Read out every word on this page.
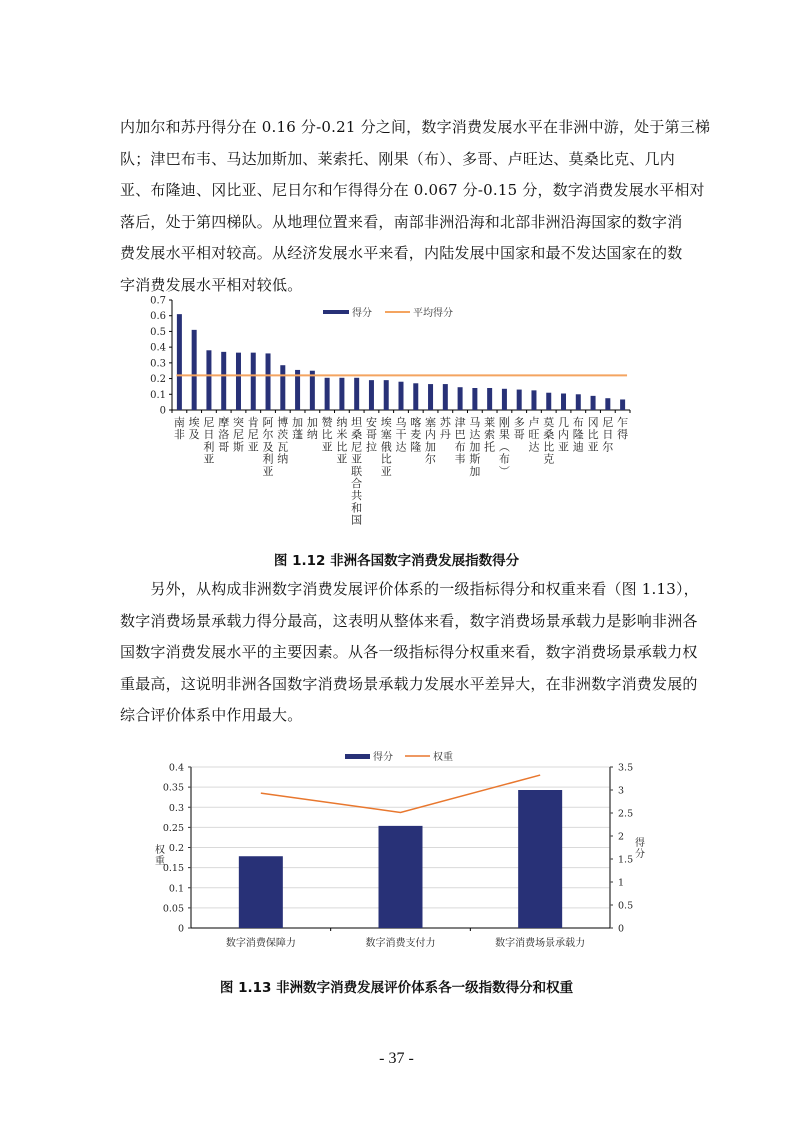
内加尔和苏丹得分在 0.16 分-0.21 分之间，数字消费发展水平在非洲中游，处于第三梯
队；津巴布韦、马达加斯加、莱索托、刚果（布）、多哥、卢旺达、莫桑比克、几内
亚、布隆迪、冈比亚、尼日尔和乍得得分在 0.067 分-0.15 分，数字消费发展水平相对
落后，处于第四梯队。从地理位置来看，南部非洲沿海和北部非洲沿海国家的数字消
费发展水平相对较高。从经济发展水平来看，内陆发展中国家和最不发达国家在的数
字消费发展水平相对较低。
0
0.1
0.2
0.3
0.4
0.5
0.6
0.7
南
非
埃
及
尼
日
利
亚
摩
洛
哥
突
尼
斯
肯
尼
亚
阿
尔
及
利
亚
博
茨
瓦
纳
加
蓬
加
纳
赞
比
亚
纳
米
比
亚
坦
桑
尼
亚
联
合
共
和
国
安
哥
拉
埃
塞
俄
比
亚
乌
干
达
喀
麦
隆
塞
内
加
尔
苏
丹
津
巴
布
韦
马
达
加
斯
加
莱
索
托
刚
果
︵
布
︶
多
哥
卢
旺
达
莫
桑
比
克
几
内
亚
布
隆
迪
冈
比
亚
尼
日
尔
乍
得
得分	平均得分
图 1.12 非洲各国数字消费发展指数得分
　　另外，从构成非洲数字消费发展评价体系的一级指标得分和权重来看（图 1.13），
数字消费场景承载力得分最高，这表明从整体来看，数字消费场景承载力是影响非洲各
国数字消费发展水平的主要因素。从各一级指标得分权重来看，数字消费场景承载力权
重最高，这说明非洲各国数字消费场景承载力发展水平差异大，在非洲数字消费发展的
综合评价体系中作用最大。
0
0.05
0.1
0.15
0.2
0.25
0.3
0.35
0.4
0
0.5
1
1.5
2
2.5
3
3.5
权
重
得
分
数字消费保障力	数字消费支付力	数字消费场景承载力
得分	权重
图 1.13 非洲数字消费发展评价体系各一级指数得分和权重
- 37 -
